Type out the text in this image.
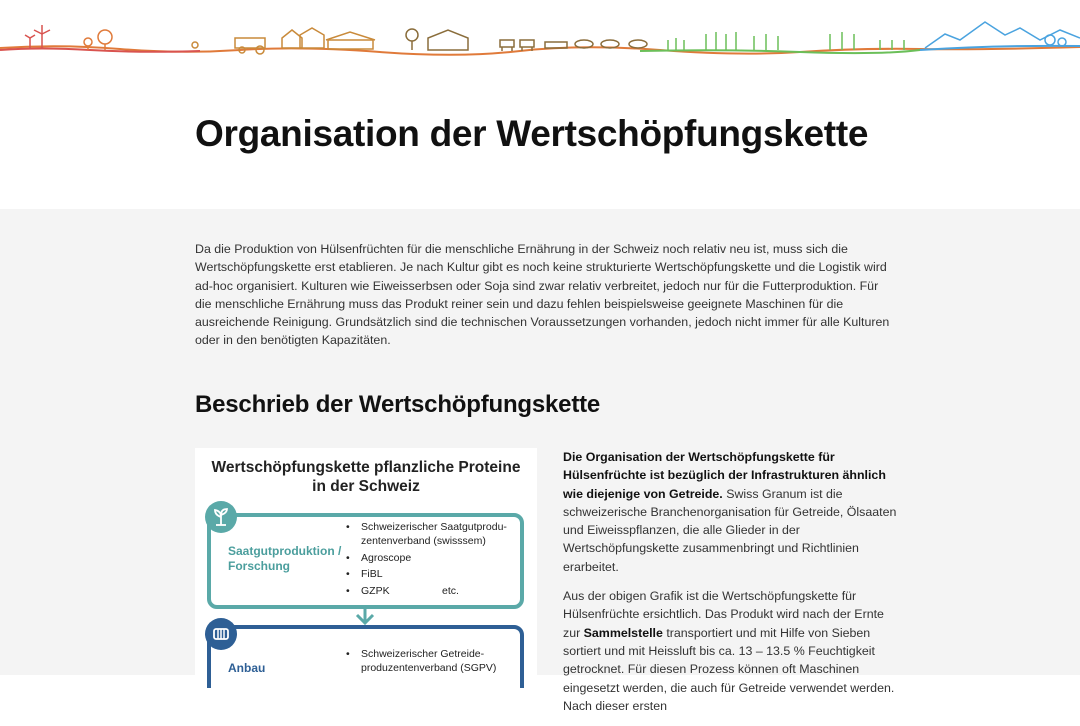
Organisation der Wertschöpfungskette

Da die Produktion von Hülsenfrüchten für die menschliche Ernährung in der Schweiz noch relativ neu ist, muss sich die Wertschöpfungskette erst etablieren. Je nach Kultur gibt es noch keine strukturierte Wertschöpfungskette und die Logistik wird ad-hoc organisiert. Kulturen wie Eiweisserbsen oder Soja sind zwar relativ verbreitet, jedoch nur für die Futterproduktion. Für die menschliche Ernährung muss das Produkt reiner sein und dazu fehlen beispielsweise geeignete Maschinen für die ausreichende Reinigung. Grundsätzlich sind die technischen Voraussetzungen vorhanden, jedoch nicht immer für alle Kulturen oder in den benötigten Kapazitäten.

Beschrieb der Wertschöpfungskette
Wertschöpfungskette pflanzliche Proteine
in der Schweiz
Saatgutproduktion / Forschung
• Schweizerischer Saatgutprodu-zentenverband (swisssem)
• Agroscope
• FiBL
• GZPK	etc.
Anbau
• Schweizerischer Getreide-produzentenverband (SGPV)

Die Organisation der Wertschöpfungskette für Hülsenfrüchte ist bezüglich der Infrastrukturen ähnlich wie diejenige von Getreide. Swiss Granum ist die schweizerische Branchenorganisation für Getreide, Ölsaaten und Eiweisspflanzen, die alle Glieder in der Wertschöpfungskette zusammenbringt und Richtlinien erarbeitet.

Aus der obigen Grafik ist die Wertschöpfungskette für Hülsenfrüchte ersichtlich. Das Produkt wird nach der Ernte zur Sammelstelle transportiert und mit Hilfe von Sieben sortiert und mit Heissluft bis ca. 13 – 13.5 % Feuchtigkeit getrocknet. Für diesen Prozess können oft Maschinen eingesetzt werden, die auch für Getreide verwendet werden. Nach dieser ersten
